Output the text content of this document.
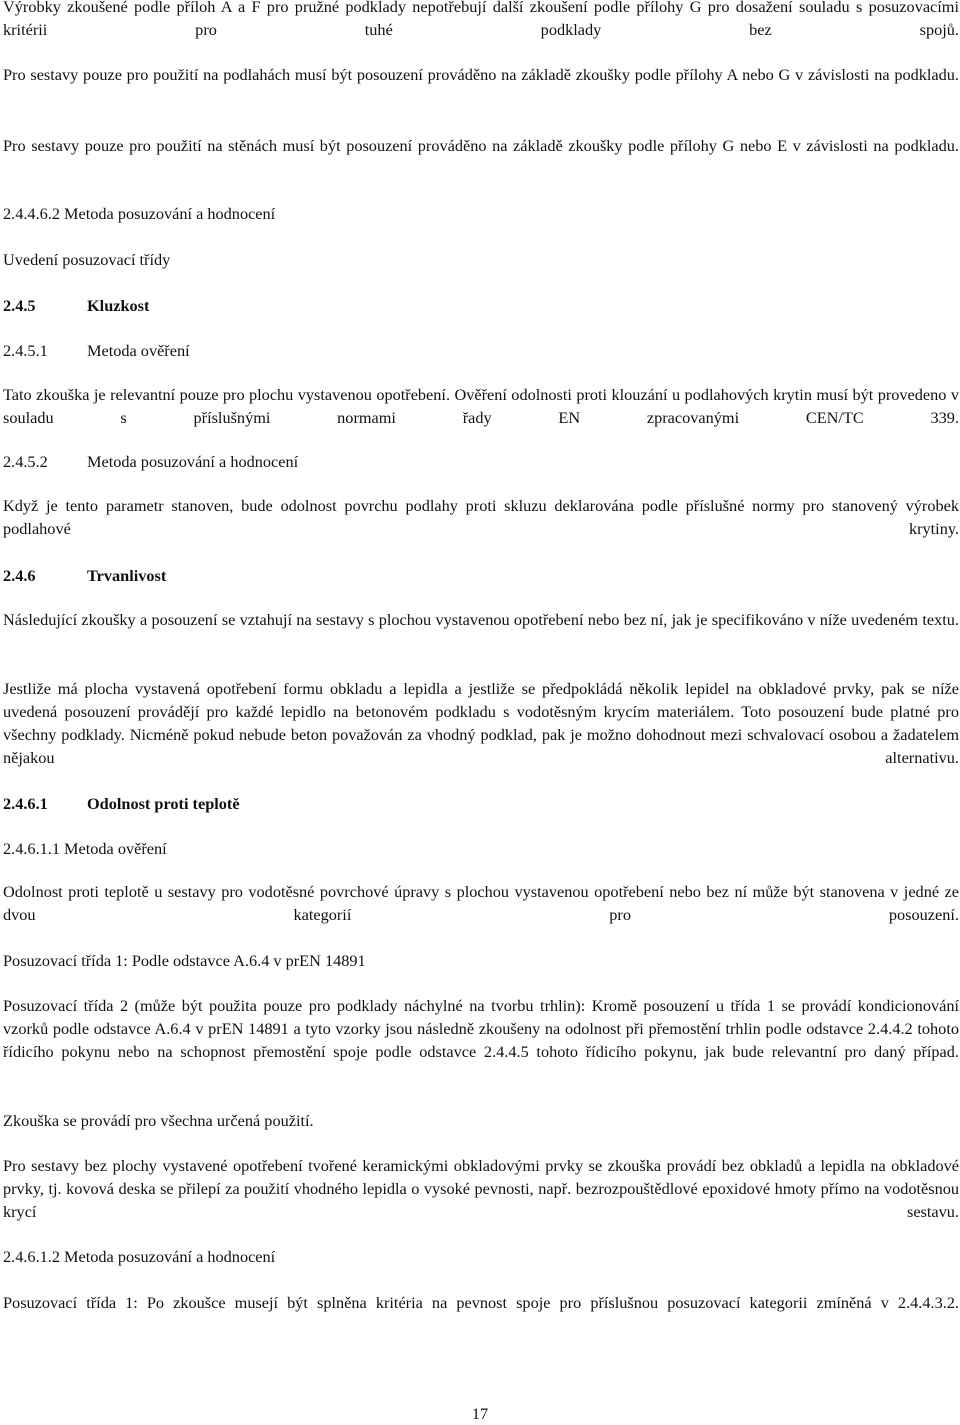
Výrobky zkoušené podle příloh A a F pro pružné podklady nepotřebují další zkoušení podle přílohy G pro dosažení souladu s posuzovacími kritérii pro tuhé podklady bez spojů.

Pro sestavy pouze pro použití na podlahách musí být posouzení prováděno na základě zkoušky podle přílohy A nebo G v závislosti na podkladu.

Pro sestavy pouze pro použití na stěnách musí být posouzení prováděno na základě zkoušky podle přílohy G nebo E v závislosti na podkladu.

2.4.4.6.2 Metoda posuzování a hodnocení
Uvedení posuzovací třídy
2.4.5	Kluzkost
2.4.5.1 Metoda ověření

Tato zkouška je relevantní pouze pro plochu vystavenou opotřebení. Ověření odolnosti proti klouzání u podlahových krytin musí být provedeno v souladu s příslušnými normami řady EN zpracovanými CEN/TC 339.

2.4.5.2 Metoda posuzování a hodnocení

Když je tento parametr stanoven, bude odolnost povrchu podlahy proti skluzu deklarována podle příslušné normy pro stanovený výrobek podlahové krytiny.

2.4.6	Trvanlivost

Následující zkoušky a posouzení se vztahují na sestavy s plochou vystavenou opotřebení nebo bez ní, jak je specifikováno v níže uvedeném textu.

Jestliže má plocha vystavená opotřebení formu obkladu a lepidla a jestliže se předpokládá několik lepidel na obkladové prvky, pak se níže uvedená posouzení provádějí pro každé lepidlo na betonovém podkladu s vodotěsným krycím materiálem. Toto posouzení bude platné pro všechny podklady. Nicméně pokud nebude beton považován za vhodný podklad, pak je možno dohodnout mezi schvalovací osobou a žadatelem nějakou alternativu.

2.4.6.1 Odolnost proti teplotě
2.4.6.1.1 Metoda ověření

Odolnost proti teplotě u sestavy pro vodotěsné povrchové úpravy s plochou vystavenou opotřebení nebo bez ní může být stanovena v jedné ze dvou kategorií pro posouzení.

Posuzovací třída 1: Podle odstavce A.6.4 v prEN 14891

Posuzovací třída 2 (může být použita pouze pro podklady náchylné na tvorbu trhlin): Kromě posouzení u třída 1 se provádí kondicionování vzorků podle odstavce A.6.4 v prEN 14891 a tyto vzorky jsou následně zkoušeny na odolnost při přemostění trhlin podle odstavce 2.4.4.2 tohoto řídicího pokynu nebo na schopnost přemostění spoje podle odstavce 2.4.4.5 tohoto řídicího pokynu, jak bude relevantní pro daný případ.

Zkouška se provádí pro všechna určená použití.

Pro sestavy bez plochy vystavené opotřebení tvořené keramickými obkladovými prvky se zkouška provádí bez obkladů a lepidla na obkladové prvky, tj. kovová deska se přilepí za použití vhodného lepidla o vysoké pevnosti, např. bezrozpouštědlové epoxidové hmoty přímo na vodotěsnou krycí sestavu.

2.4.6.1.2 Metoda posuzování a hodnocení

Posuzovací třída 1: Po zkoušce musejí být splněna kritéria na pevnost spoje pro příslušnou posuzovací kategorii zmíněná v 2.4.4.3.2.

17
